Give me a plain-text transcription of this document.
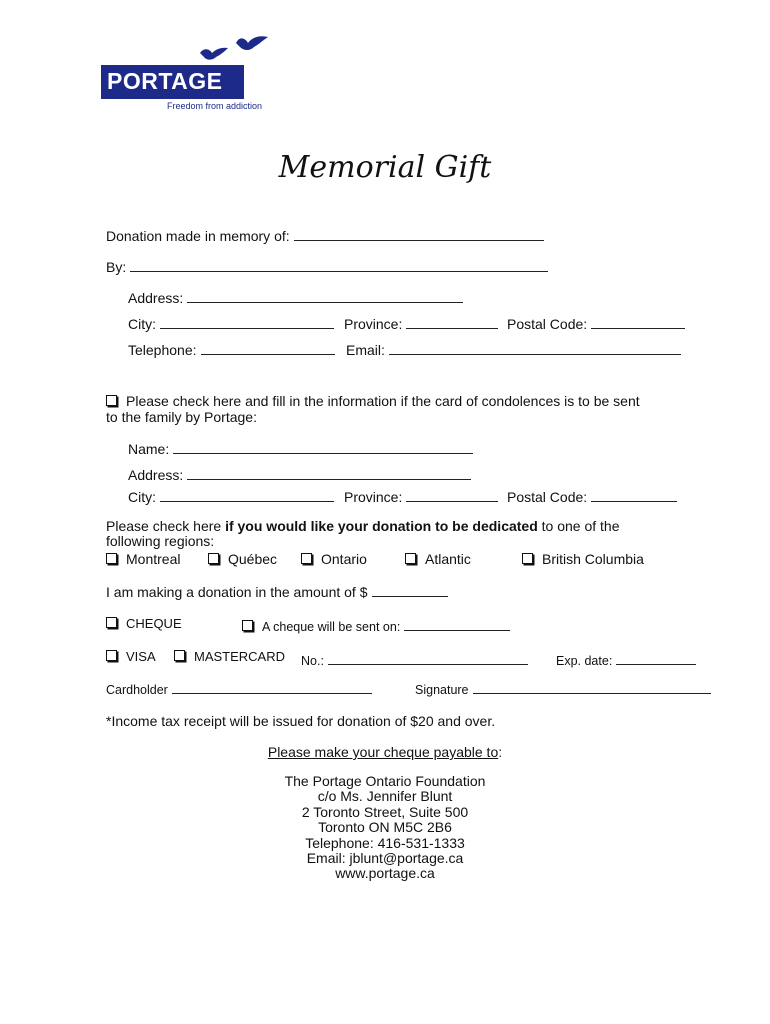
PORTAGE
Freedom from addiction
Memorial Gift
Donation made in memory of:
By:
Address:
City:	Province:	Postal Code:
Telephone:	Email:
Please check here and fill in the information if the card of condolences is to be sent
to the family by Portage:
Name:
Address:
City:	Province:	Postal Code:
Please check here if you would like your donation to be dedicated to one of the
following regions:
Montreal	Québec	Ontario	Atlantic	British Columbia
I am making a donation in the amount of $
CHEQUE	A cheque will be sent on:
VISA	MASTERCARD No.:	Exp. date:
Cardholder	Signature
*Income tax receipt will be issued for donation of $20 and over.
Please make your cheque payable to:
The Portage Ontario Foundation
c/o Ms. Jennifer Blunt
2 Toronto Street, Suite 500
Toronto ON M5C 2B6
Telephone: 416-531-1333
Email: jblunt@portage.ca
www.portage.ca
